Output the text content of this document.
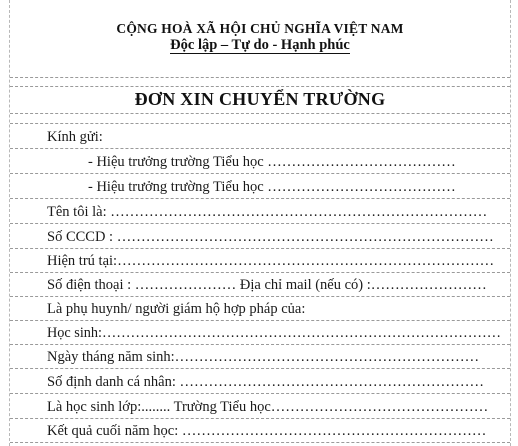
CỘNG HOÀ XÃ HỘI CHỦ NGHĨA VIỆT NAM
Độc lập – Tự do - Hạnh phúc
ĐƠN XIN CHUYỂN TRƯỜNG
Kính gửi:
- Hiệu trưởng trường Tiểu học …………………………………
- Hiệu trưởng trường Tiểu học …………………………………
Tên tôi là: ……………………………………………………………………
Số CCCD : ……………………………………………………………………
Hiện trú tại:……………………………………………………………………
Số điện thoại : ………………… Địa chỉ mail (nếu có) :……………………
Là phụ huynh/ người giám hộ hợp pháp của:
Học sinh:…………………………………………………………………………
Ngày tháng năm sinh:………………………………………………………
Số định danh cá nhân: ………………………………………………………
Là học sinh lớp:........ Trường Tiểu học………………………………………
Kết quả cuối năm học: ………………………………………………………
